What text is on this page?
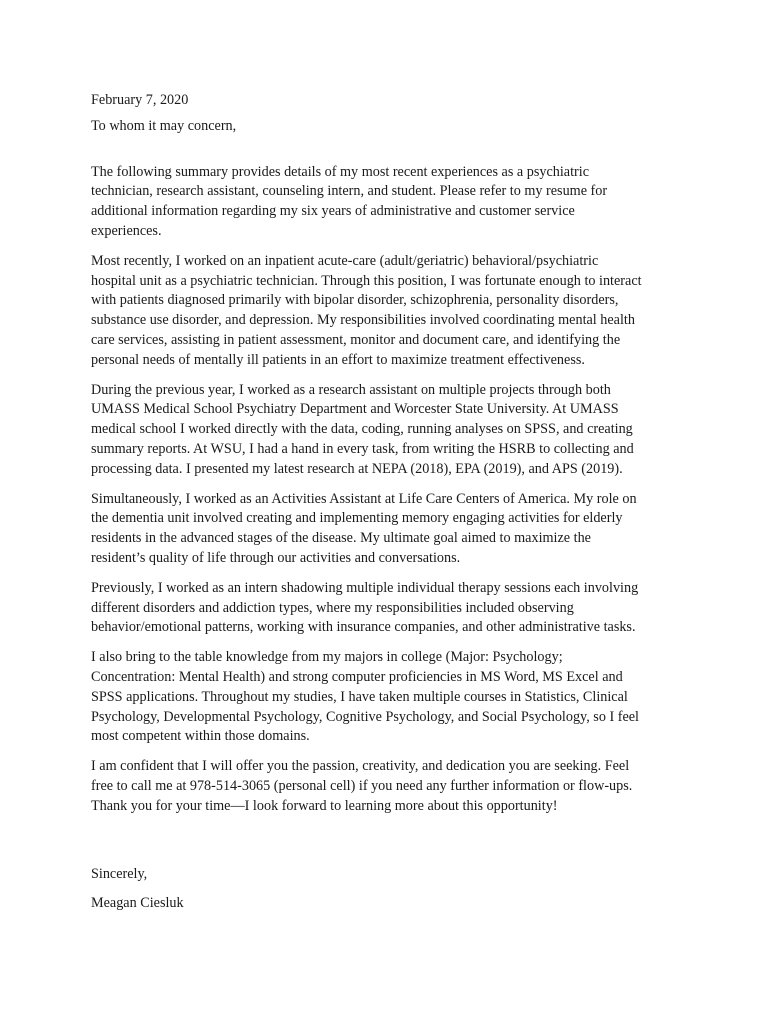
February 7, 2020

To whom it may concern,

The following summary provides details of my most recent experiences as a psychiatric
technician, research assistant, counseling intern, and student. Please refer to my resume for
additional information regarding my six years of administrative and customer service
experiences.

Most recently, I worked on an inpatient acute-care (adult/geriatric) behavioral/psychiatric
hospital unit as a psychiatric technician. Through this position, I was fortunate enough to interact
with patients diagnosed primarily with bipolar disorder, schizophrenia, personality disorders,
substance use disorder, and depression. My responsibilities involved coordinating mental health
care services, assisting in patient assessment, monitor and document care, and identifying the
personal needs of mentally ill patients in an effort to maximize treatment effectiveness.

During the previous year, I worked as a research assistant on multiple projects through both
UMASS Medical School Psychiatry Department and Worcester State University. At UMASS
medical school I worked directly with the data, coding, running analyses on SPSS, and creating
summary reports. At WSU, I had a hand in every task, from writing the HSRB to collecting and
processing data. I presented my latest research at NEPA (2018), EPA (2019), and APS (2019).

Simultaneously, I worked as an Activities Assistant at Life Care Centers of America. My role on
the dementia unit involved creating and implementing memory engaging activities for elderly
residents in the advanced stages of the disease. My ultimate goal aimed to maximize the
resident’s quality of life through our activities and conversations.

Previously, I worked as an intern shadowing multiple individual therapy sessions each involving
different disorders and addiction types, where my responsibilities included observing
behavior/emotional patterns, working with insurance companies, and other administrative tasks.

I also bring to the table knowledge from my majors in college (Major: Psychology;
Concentration: Mental Health) and strong computer proficiencies in MS Word, MS Excel and
SPSS applications. Throughout my studies, I have taken multiple courses in Statistics, Clinical
Psychology, Developmental Psychology, Cognitive Psychology, and Social Psychology, so I feel
most competent within those domains.

I am confident that I will offer you the passion, creativity, and dedication you are seeking. Feel
free to call me at 978-514-3065 (personal cell) if you need any further information or flow-ups.
Thank you for your time—I look forward to learning more about this opportunity!

Sincerely,

Meagan Ciesluk
